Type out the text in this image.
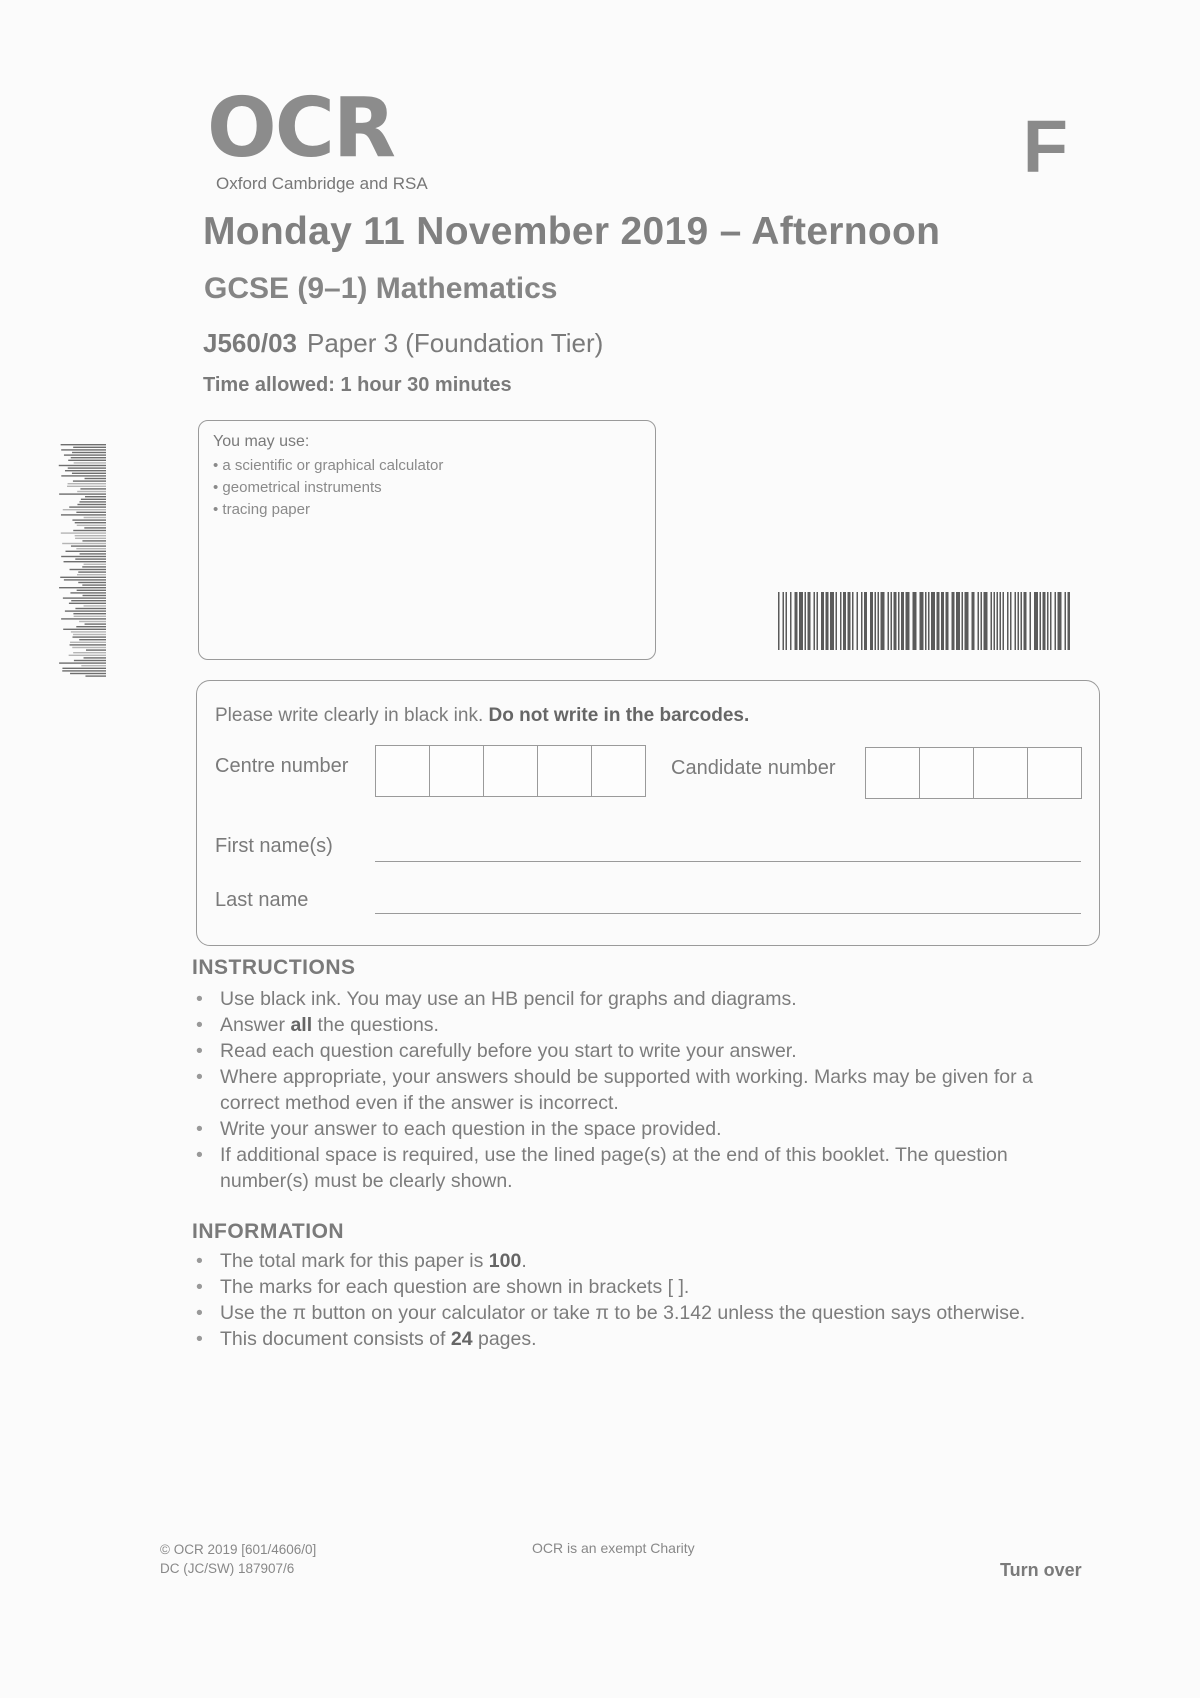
OCR
Oxford Cambridge and RSA	F
Monday 11 November 2019 – Afternoon
GCSE (9–1) Mathematics
J560/03 Paper 3 (Foundation Tier)
Time allowed: 1 hour 30 minutes
You may use:
• a scientific or graphical calculator
• geometrical instruments
• tracing paper
Please write clearly in black ink. Do not write in the barcodes.
Centre number	Candidate number
First name(s)
Last name
INSTRUCTIONS
• Use black ink. You may use an HB pencil for graphs and diagrams.
• Answer all the questions.
• Read each question carefully before you start to write your answer.
• Where appropriate, your answers should be supported with working. Marks may be given for a correct method even if the answer is incorrect.
• Write your answer to each question in the space provided.
• If additional space is required, use the lined page(s) at the end of this booklet. The question number(s) must be clearly shown.
INFORMATION
• The total mark for this paper is 100.
• The marks for each question are shown in brackets [ ].
• Use the π button on your calculator or take π to be 3.142 unless the question says otherwise.
• This document consists of 24 pages.
© OCR 2019 [601/4606/0]
DC (JC/SW) 187907/6
OCR is an exempt Charity
Turn over
